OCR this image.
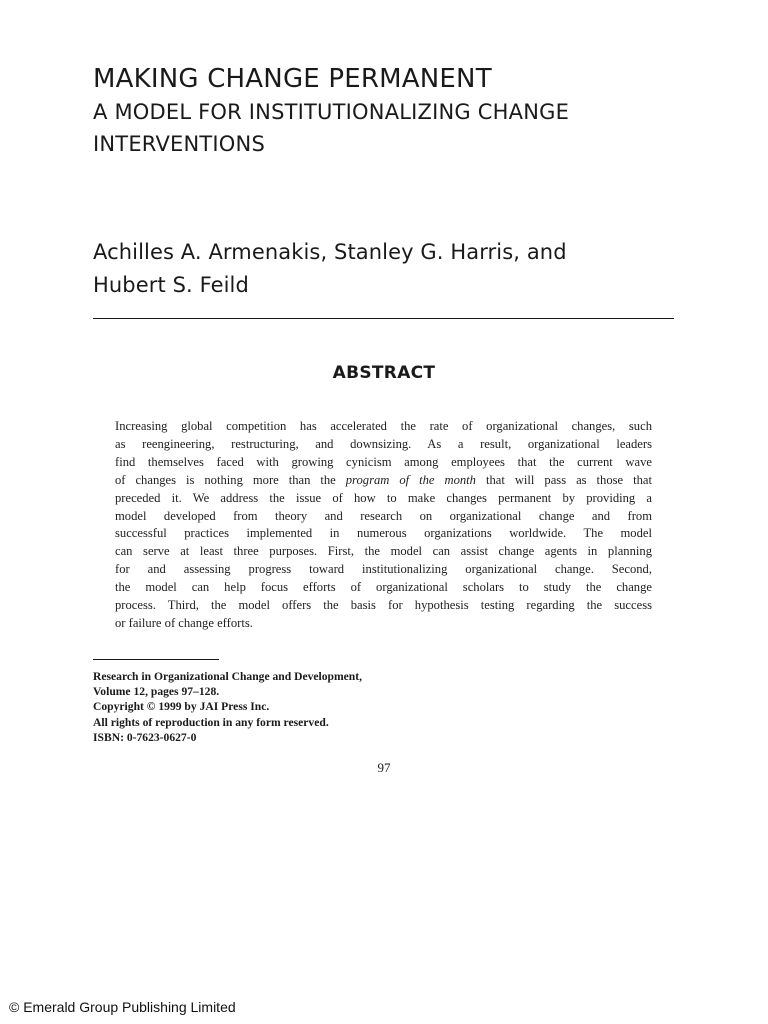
MAKING CHANGE PERMANENT

A MODEL FOR INSTITUTIONALIZING CHANGE

INTERVENTIONS

Achilles A. Armenakis, Stanley G. Harris, and
Hubert S. Feild
ABSTRACT
Increasing global competition has accelerated the rate of organizational changes, such
as reengineering, restructuring, and downsizing. As a result, organizational leaders
find themselves faced with growing cynicism among employees that the current wave
of changes is nothing more than the program of the month that will pass as those that
preceded it. We address the issue of how to make changes permanent by providing a
model developed from theory and research on organizational change and from
successful practices implemented in numerous organizations worldwide. The model
can serve at least three purposes. First, the model can assist change agents in planning
for and assessing progress toward institutionalizing organizational change. Second,
the model can help focus efforts of organizational scholars to study the change
process. Third, the model offers the basis for hypothesis testing regarding the success
or failure of change efforts.
Research in Organizational Change and Development,
Volume 12, pages 97–128.
Copyright © 1999 by JAI Press Inc.
All rights of reproduction in any form reserved.
ISBN: 0-7623-0627-0
97
© Emerald Group Publishing Limited
